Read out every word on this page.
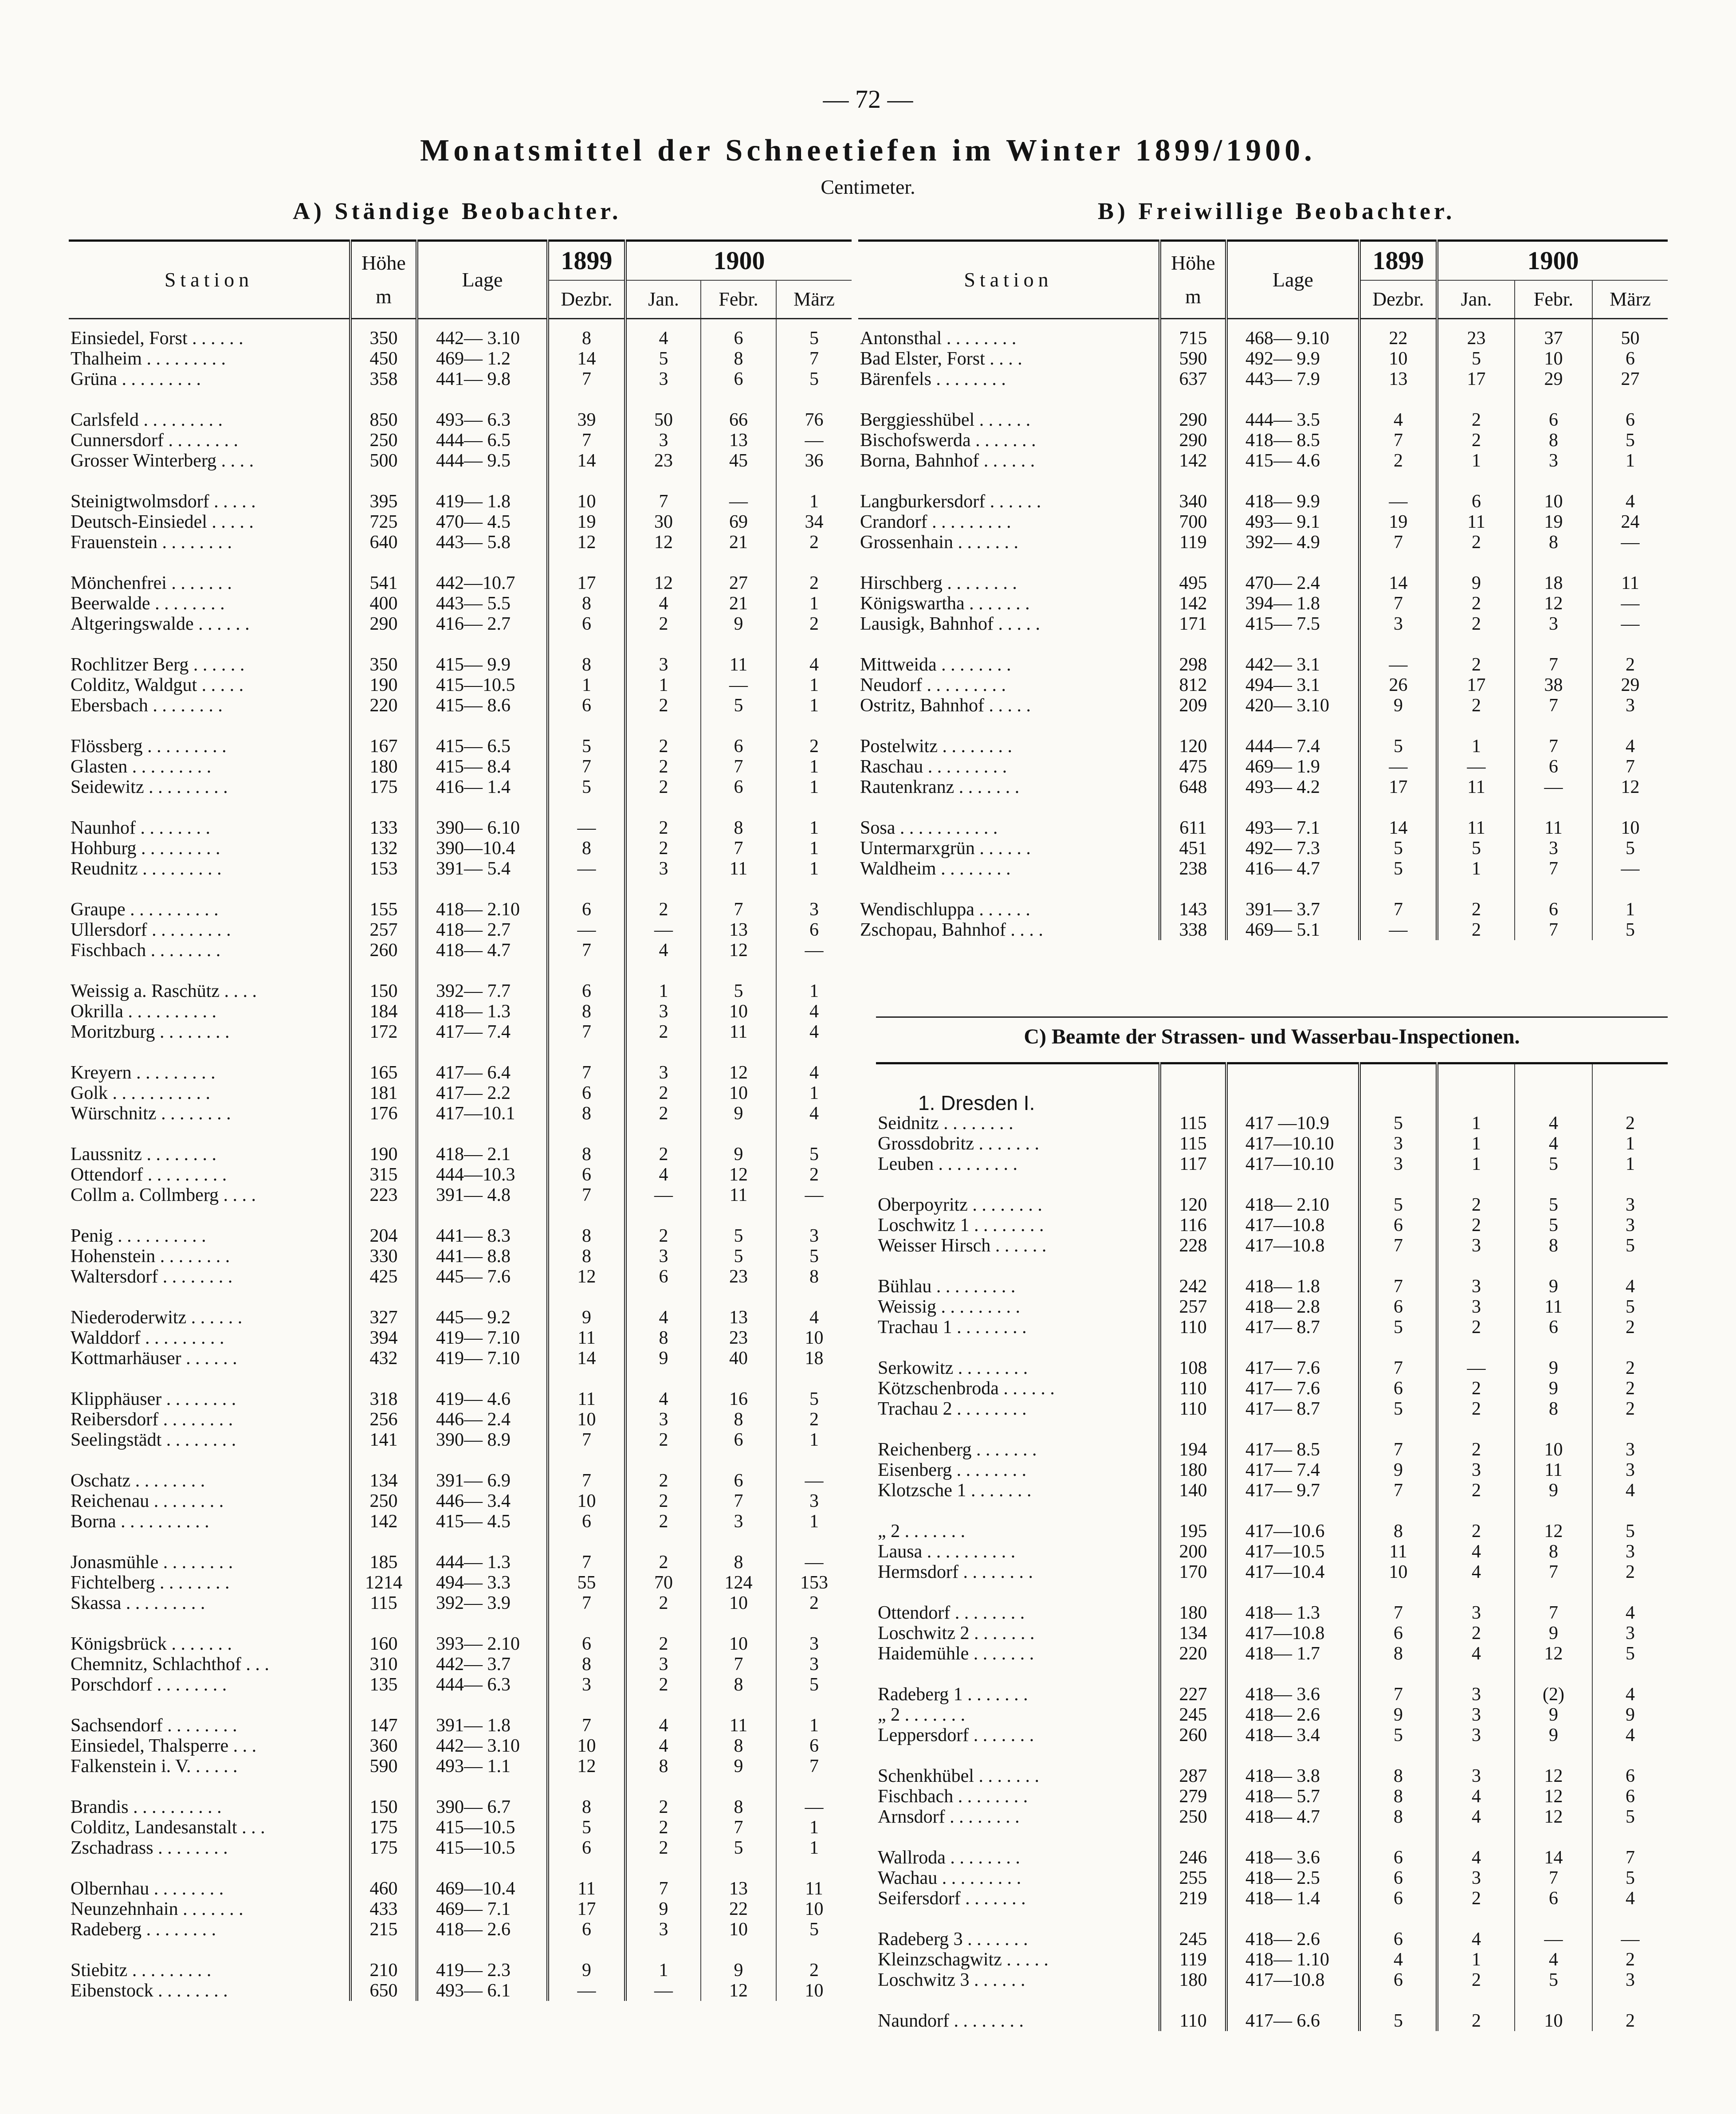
— 72 —
Monatsmittel der Schneetiefen im Winter 1899/1900.
Centimeter.
A) Ständige Beobachter.	B) Freiwillige Beobachter.
Station	Höhe
m	Lage	1899	1900		
			Dezbr.	Jan.	Febr.	März
Einsiedel, Forst . . . . . .	350	442— 3.10	8	4	6	5
Thalheim . . . . . . . . .	450	469— 1.2	14	5	8	7
Grüna . . . . . . . . .	358	441— 9.8	7	3	6	5
Carlsfeld . . . . . . . . .	850	493— 6.3	39	50	66	76
Cunnersdorf . . . . . . . .	250	444— 6.5	7	3	13	—
Grosser Winterberg . . . .	500	444— 9.5	14	23	45	36
Steinigtwolmsdorf . . . . .	395	419— 1.8	10	7	—	1
Deutsch-Einsiedel . . . . .	725	470— 4.5	19	30	69	34
Frauenstein . . . . . . . .	640	443— 5.8	12	12	21	2
Mönchenfrei . . . . . . .	541	442—10.7	17	12	27	2
Beerwalde . . . . . . . .	400	443— 5.5	8	4	21	1
Altgeringswalde . . . . . .	290	416— 2.7	6	2	9	2
Rochlitzer Berg . . . . . .	350	415— 9.9	8	3	11	4
Colditz, Waldgut . . . . .	190	415—10.5	1	1	—	1
Ebersbach . . . . . . . .	220	415— 8.6	6	2	5	1
Flössberg . . . . . . . . .	167	415— 6.5	5	2	6	2
Glasten . . . . . . . . .	180	415— 8.4	7	2	7	1
Seidewitz . . . . . . . . .	175	416— 1.4	5	2	6	1
Naunhof . . . . . . . .	133	390— 6.10	—	2	8	1
Hohburg . . . . . . . . .	132	390—10.4	8	2	7	1
Reudnitz . . . . . . . . .	153	391— 5.4	—	3	11	1
Graupe . . . . . . . . . .	155	418— 2.10	6	2	7	3
Ullersdorf . . . . . . . . .	257	418— 2.7	—	—	13	6
Fischbach . . . . . . . .	260	418— 4.7	7	4	12	—
Weissig a. Raschütz . . . .	150	392— 7.7	6	1	5	1
Okrilla . . . . . . . . . .	184	418— 1.3	8	3	10	4
Moritzburg . . . . . . . .	172	417— 7.4	7	2	11	4
Kreyern . . . . . . . . .	165	417— 6.4	7	3	12	4
Golk . . . . . . . . . . .	181	417— 2.2	6	2	10	1
Würschnitz . . . . . . . .	176	417—10.1	8	2	9	4
Laussnitz . . . . . . . .	190	418— 2.1	8	2	9	5
Ottendorf . . . . . . . . .	315	444—10.3	6	4	12	2
Collm a. Collmberg . . . .	223	391— 4.8	7	—	11	—
Penig . . . . . . . . . .	204	441— 8.3	8	2	5	3
Hohenstein . . . . . . . .	330	441— 8.8	8	3	5	5
Waltersdorf . . . . . . . .	425	445— 7.6	12	6	23	8
Niederoderwitz . . . . . .	327	445— 9.2	9	4	13	4
Walddorf . . . . . . . . .	394	419— 7.10	11	8	23	10
Kottmarhäuser . . . . . .	432	419— 7.10	14	9	40	18
Klipphäuser . . . . . . . .	318	419— 4.6	11	4	16	5
Reibersdorf . . . . . . . .	256	446— 2.4	10	3	8	2
Seelingstädt . . . . . . . .	141	390— 8.9	7	2	6	1
Oschatz . . . . . . . .	134	391— 6.9	7	2	6	—
Reichenau . . . . . . . .	250	446— 3.4	10	2	7	3
Borna . . . . . . . . . .	142	415— 4.5	6	2	3	1
Jonasmühle . . . . . . . .	185	444— 1.3	7	2	8	—
Fichtelberg . . . . . . . .	1214	494— 3.3	55	70	124	153
Skassa . . . . . . . . .	115	392— 3.9	7	2	10	2
Königsbrück . . . . . . .	160	393— 2.10	6	2	10	3
Chemnitz, Schlachthof . . .	310	442— 3.7	8	3	7	3
Porschdorf . . . . . . . .	135	444— 6.3	3	2	8	5
Sachsendorf . . . . . . . .	147	391— 1.8	7	4	11	1
Einsiedel, Thalsperre . . .	360	442— 3.10	10	4	8	6
Falkenstein i. V. . . . . .	590	493— 1.1	12	8	9	7
Brandis . . . . . . . . . .	150	390— 6.7	8	2	8	—
Colditz, Landesanstalt . . .	175	415—10.5	5	2	7	1
Zschadrass . . . . . . . .	175	415—10.5	6	2	5	1
Olbernhau . . . . . . . .	460	469—10.4	11	7	13	11
Neunzehnhain . . . . . . .	433	469— 7.1	17	9	22	10
Radeberg . . . . . . . .	215	418— 2.6	6	3	10	5
Stiebitz . . . . . . . . .	210	419— 2.3	9	1	9	2
Eibenstock . . . . . . . .	650	493— 6.1	—	—	12	10
Station	Höhe
m	Lage	1899	1900		
			Dezbr.	Jan.	Febr.	März
Antonsthal . . . . . . . .	715	468— 9.10	22	23	37	50
Bad Elster, Forst . . . .	590	492— 9.9	10	5	10	6
Bärenfels . . . . . . . .	637	443— 7.9	13	17	29	27
Berggiesshübel . . . . . .	290	444— 3.5	4	2	6	6
Bischofswerda . . . . . . .	290	418— 8.5	7	2	8	5
Borna, Bahnhof . . . . . .	142	415— 4.6	2	1	3	1
Langburkersdorf . . . . . .	340	418— 9.9	—	6	10	4
Crandorf . . . . . . . . .	700	493— 9.1	19	11	19	24
Grossenhain . . . . . . .	119	392— 4.9	7	2	8	—
Hirschberg . . . . . . . .	495	470— 2.4	14	9	18	11
Königswartha . . . . . . .	142	394— 1.8	7	2	12	—
Lausigk, Bahnhof . . . . .	171	415— 7.5	3	2	3	—
Mittweida . . . . . . . .	298	442— 3.1	—	2	7	2
Neudorf . . . . . . . . .	812	494— 3.1	26	17	38	29
Ostritz, Bahnhof . . . . .	209	420— 3.10	9	2	7	3
Postelwitz . . . . . . . .	120	444— 7.4	5	1	7	4
Raschau . . . . . . . . .	475	469— 1.9	—	—	6	7
Rautenkranz . . . . . . .	648	493— 4.2	17	11	—	12
Sosa . . . . . . . . . . .	611	493— 7.1	14	11	11	10
Untermarxgrün . . . . . .	451	492— 7.3	5	5	3	5
Waldheim . . . . . . . .	238	416— 4.7	5	1	7	—
Wendischluppa . . . . . .	143	391— 3.7	7	2	6	1
Zschopau, Bahnhof . . . .	338	469— 5.1	—	2	7	5
C) Beamte der Strassen- und Wasserbau-Inspectionen.
1. Dresden I.						
Seidnitz . . . . . . . .	115	417 —10.9	5	1	4	2
Grossdobritz . . . . . . .	115	417—10.10	3	1	4	1
Leuben . . . . . . . . .	117	417—10.10	3	1	5	1
Oberpoyritz . . . . . . . .	120	418— 2.10	5	2	5	3
Loschwitz 1 . . . . . . . .	116	417—10.8	6	2	5	3
Weisser Hirsch . . . . . .	228	417—10.8	7	3	8	5
Bühlau . . . . . . . . .	242	418— 1.8	7	3	9	4
Weissig . . . . . . . . .	257	418— 2.8	6	3	11	5
Trachau 1 . . . . . . . .	110	417— 8.7	5	2	6	2
Serkowitz . . . . . . . .	108	417— 7.6	7	—	9	2
Kötzschenbroda . . . . . .	110	417— 7.6	6	2	9	2
Trachau 2 . . . . . . . .	110	417— 8.7	5	2	8	2
Reichenberg . . . . . . .	194	417— 8.5	7	2	10	3
Eisenberg . . . . . . . .	180	417— 7.4	9	3	11	3
Klotzsche 1 . . . . . . .	140	417— 9.7	7	2	9	4
„ 2 . . . . . . .	195	417—10.6	8	2	12	5
Lausa . . . . . . . . . .	200	417—10.5	11	4	8	3
Hermsdorf . . . . . . . .	170	417—10.4	10	4	7	2
Ottendorf . . . . . . . .	180	418— 1.3	7	3	7	4
Loschwitz 2 . . . . . . .	134	417—10.8	6	2	9	3
Haidemühle . . . . . . .	220	418— 1.7	8	4	12	5
Radeberg 1 . . . . . . .	227	418— 3.6	7	3	(2)	4
„ 2 . . . . . . .	245	418— 2.6	9	3	9	9
Leppersdorf . . . . . . .	260	418— 3.4	5	3	9	4
Schenkhübel . . . . . . .	287	418— 3.8	8	3	12	6
Fischbach . . . . . . . .	279	418— 5.7	8	4	12	6
Arnsdorf . . . . . . . .	250	418— 4.7	8	4	12	5
Wallroda . . . . . . . .	246	418— 3.6	6	4	14	7
Wachau . . . . . . . . .	255	418— 2.5	6	3	7	5
Seifersdorf . . . . . . .	219	418— 1.4	6	2	6	4
Radeberg 3 . . . . . . .	245	418— 2.6	6	4	—	—
Kleinzschagwitz . . . . .	119	418— 1.10	4	1	4	2
Loschwitz 3 . . . . . .	180	417—10.8	6	2	5	3
Naundorf . . . . . . . .	110	417— 6.6	5	2	10	2
